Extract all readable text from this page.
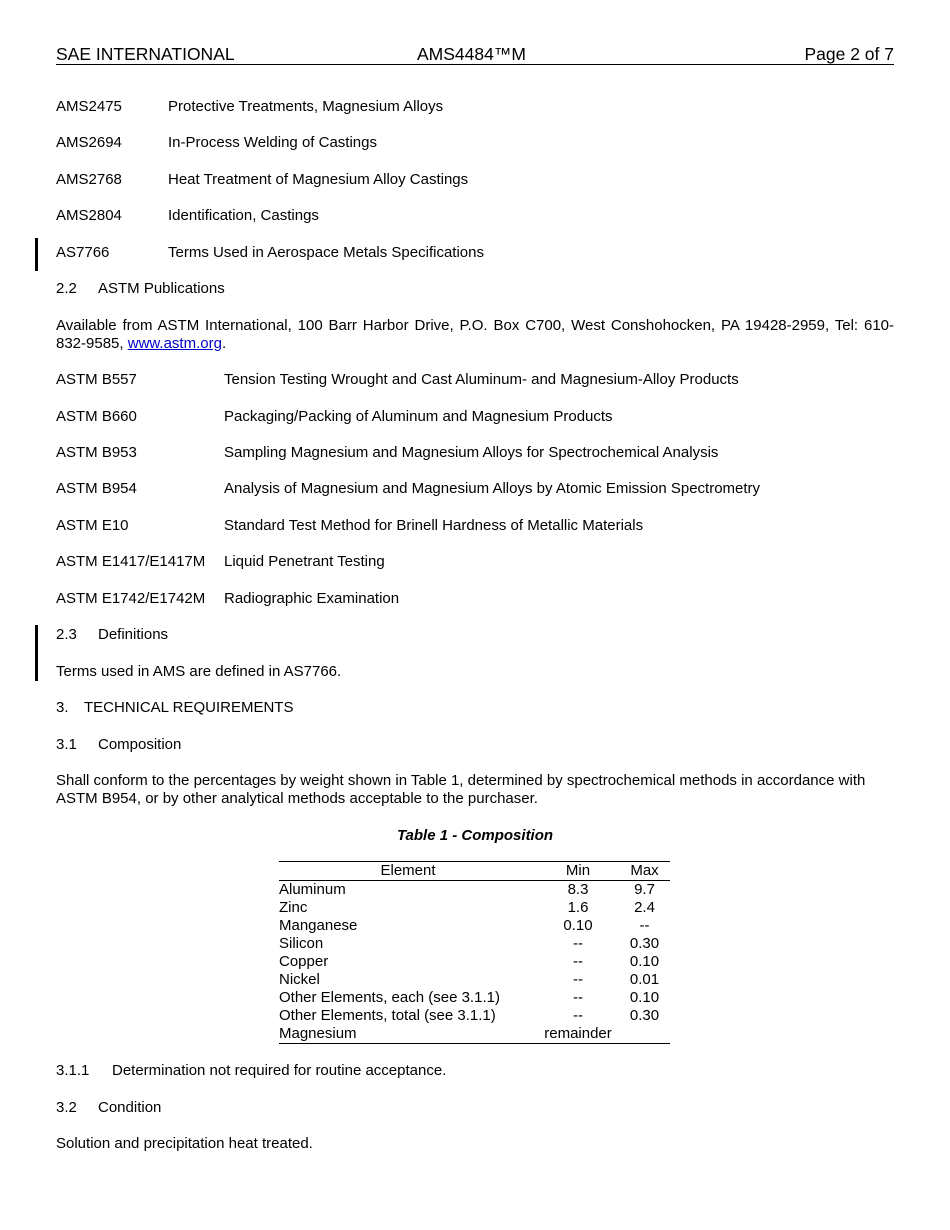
SAE INTERNATIONAL	AMS4484™M	Page 2 of 7
AMS2475	Protective Treatments, Magnesium Alloys
AMS2694	In-Process Welding of Castings
AMS2768	Heat Treatment of Magnesium Alloy Castings
AMS2804	Identification, Castings
AS7766	Terms Used in Aerospace Metals Specifications
2.2 ASTM Publications
Available from ASTM International, 100 Barr Harbor Drive, P.O. Box C700, West Conshohocken, PA 19428-2959, Tel: 610-832-9585, www.astm.org.
ASTM B557	Tension Testing Wrought and Cast Aluminum- and Magnesium-Alloy Products
ASTM B660	Packaging/Packing of Aluminum and Magnesium Products
ASTM B953	Sampling Magnesium and Magnesium Alloys for Spectrochemical Analysis
ASTM B954	Analysis of Magnesium and Magnesium Alloys by Atomic Emission Spectrometry
ASTM E10	Standard Test Method for Brinell Hardness of Metallic Materials
ASTM E1417/E1417M Liquid Penetrant Testing
ASTM E1742/E1742M Radiographic Examination
2.3 Definitions
Terms used in AMS are defined in AS7766.
3. TECHNICAL REQUIREMENTS
3.1 Composition
Shall conform to the percentages by weight shown in Table 1, determined by spectrochemical methods in accordance with ASTM B954, or by other analytical methods acceptable to the purchaser.
Table 1 - Composition
Element	Min	Max
Aluminum	8.3	9.7
Zinc	1.6	2.4
Manganese	0.10	--
Silicon	--	0.30
Copper	--	0.10
Nickel	--	0.01
Other Elements, each (see 3.1.1)	--	0.10
Other Elements, total (see 3.1.1)	--	0.30
Magnesium	remainder	
3.1.1 Determination not required for routine acceptance.
3.2 Condition
Solution and precipitation heat treated.
